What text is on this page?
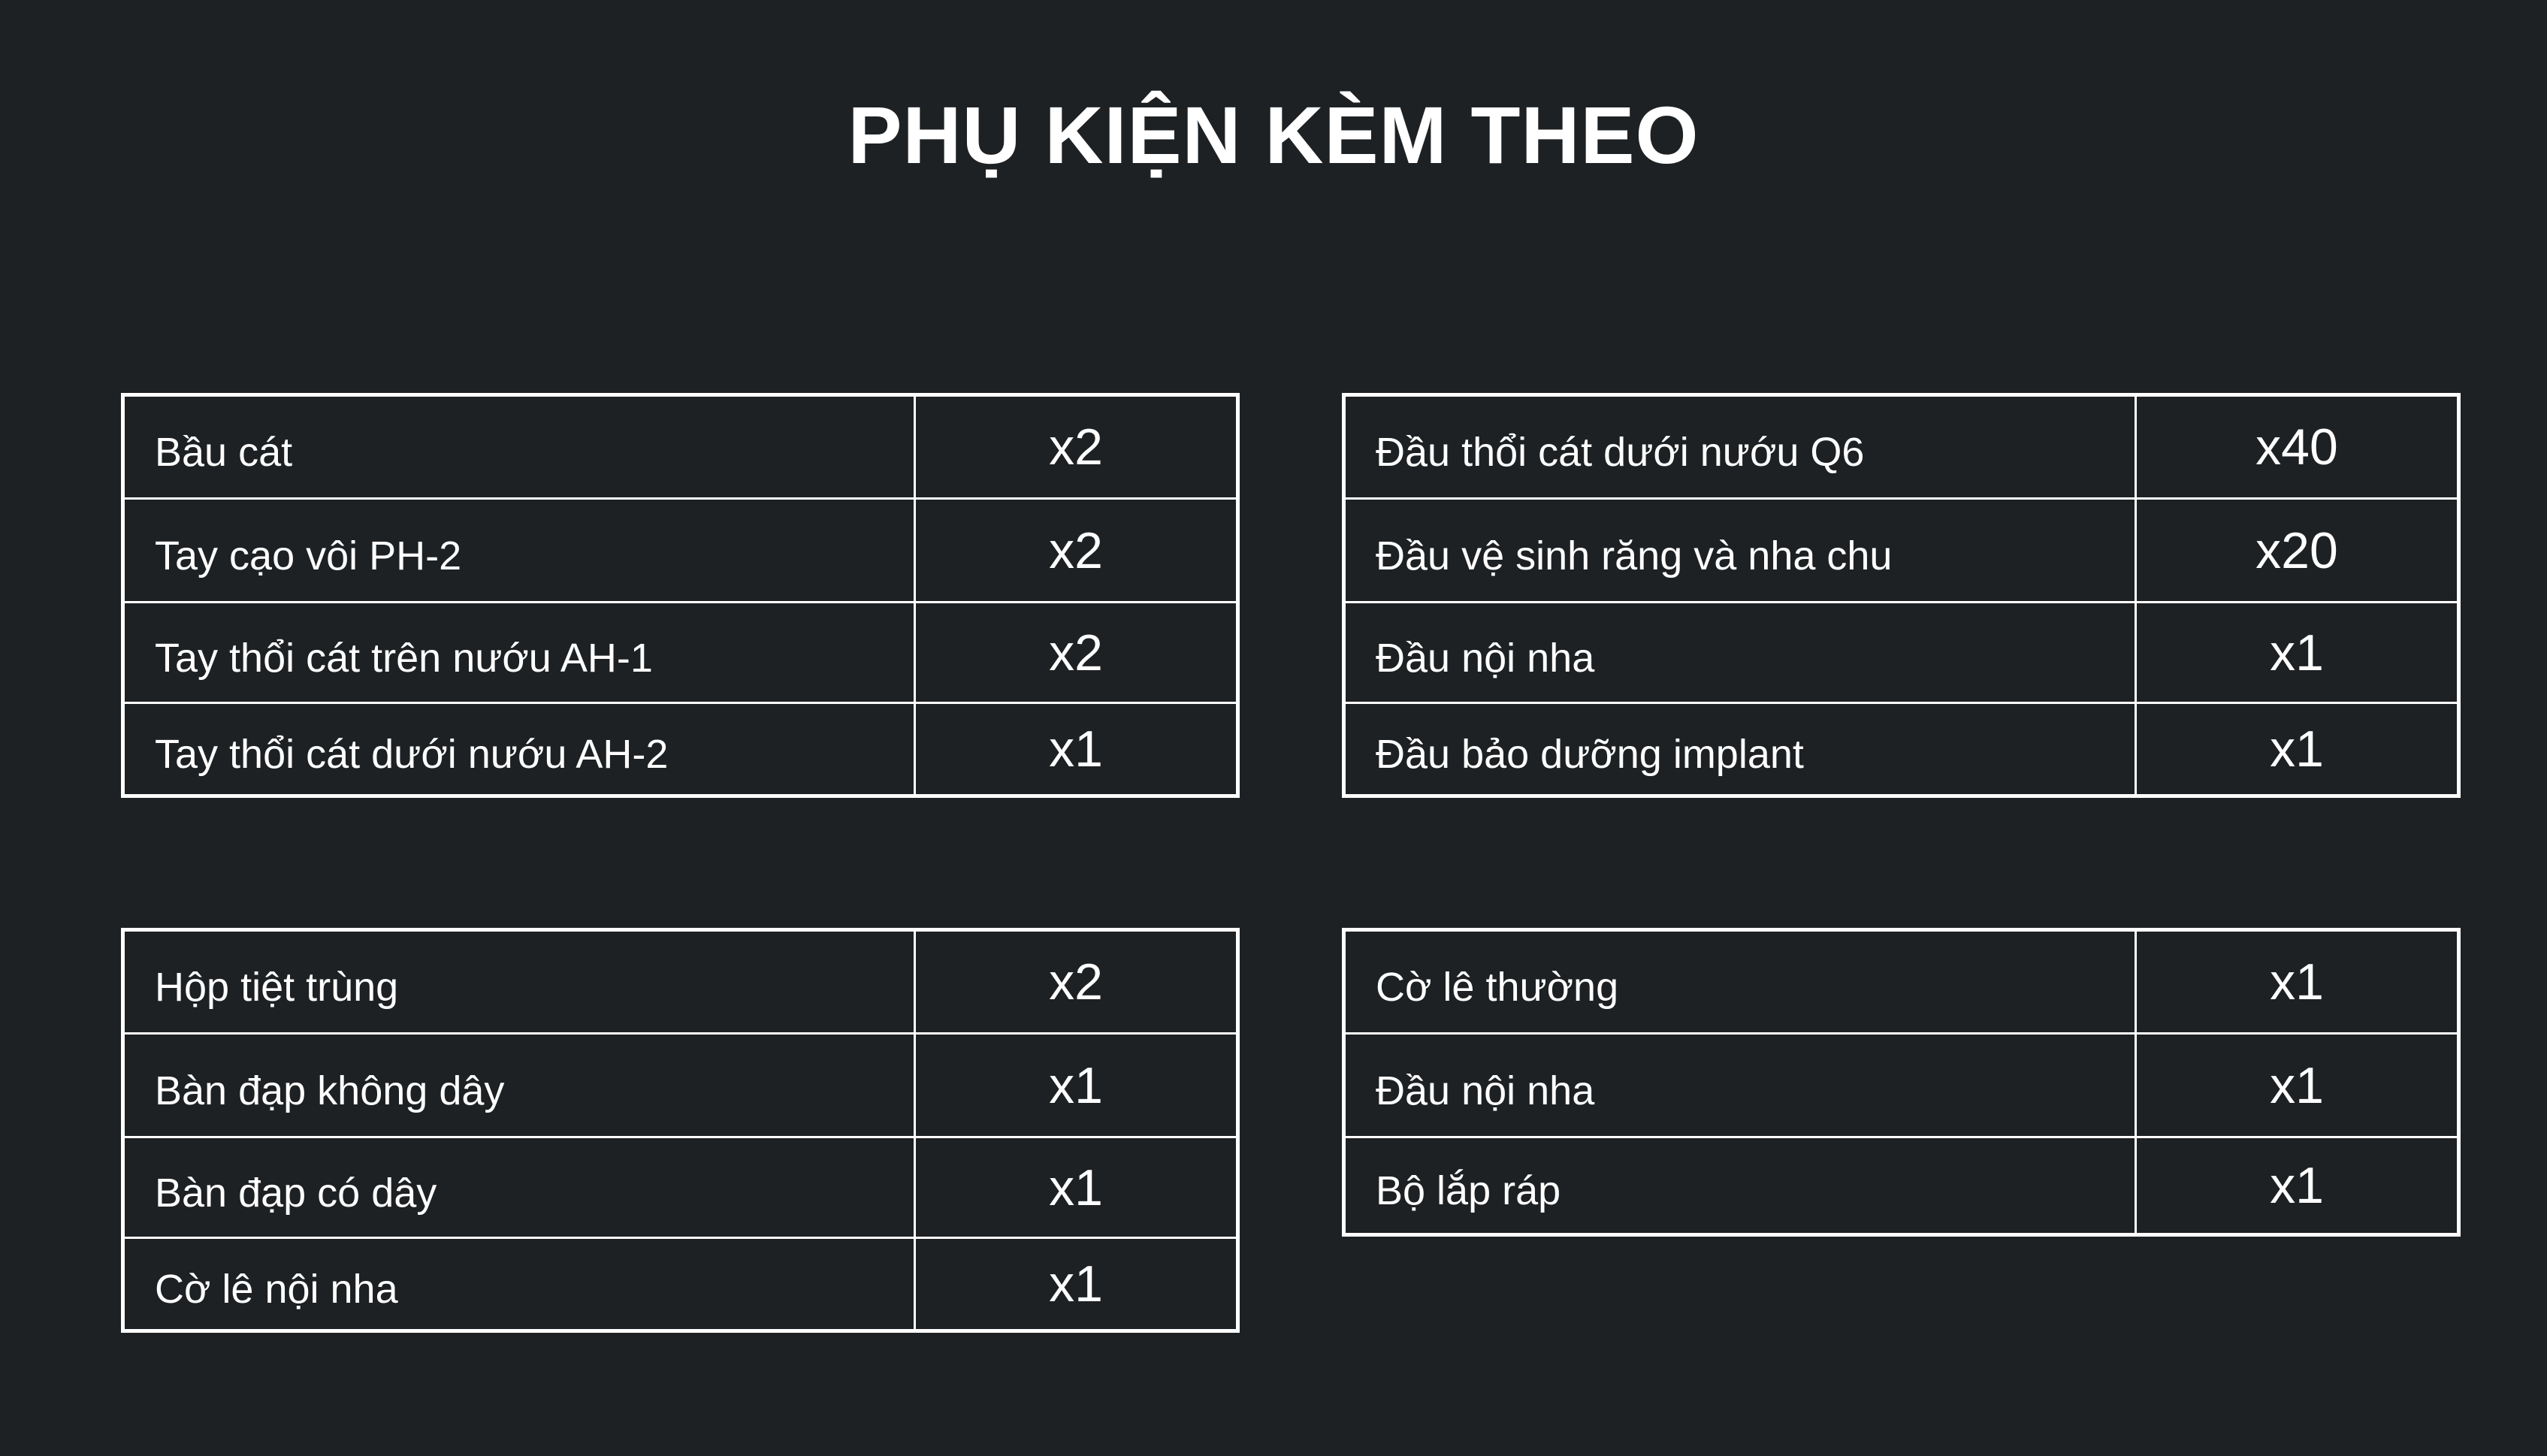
PHỤ KIỆN KÈM THEO
Bầu cát	x2
Tay cạo vôi PH-2	x2
Tay thổi cát trên nướu AH-1	x2
Tay thổi cát dưới nướu AH-2	x1
Đầu thổi cát dưới nướu Q6	x40
Đầu vệ sinh răng và nha chu	x20
Đầu nội nha	x1
Đầu bảo dưỡng implant	x1
Hộp tiệt trùng	x2
Bàn đạp không dây	x1
Bàn đạp có dây	x1
Cờ lê nội nha	x1
Cờ lê thường	x1
Đầu nội nha	x1
Bộ lắp ráp	x1
